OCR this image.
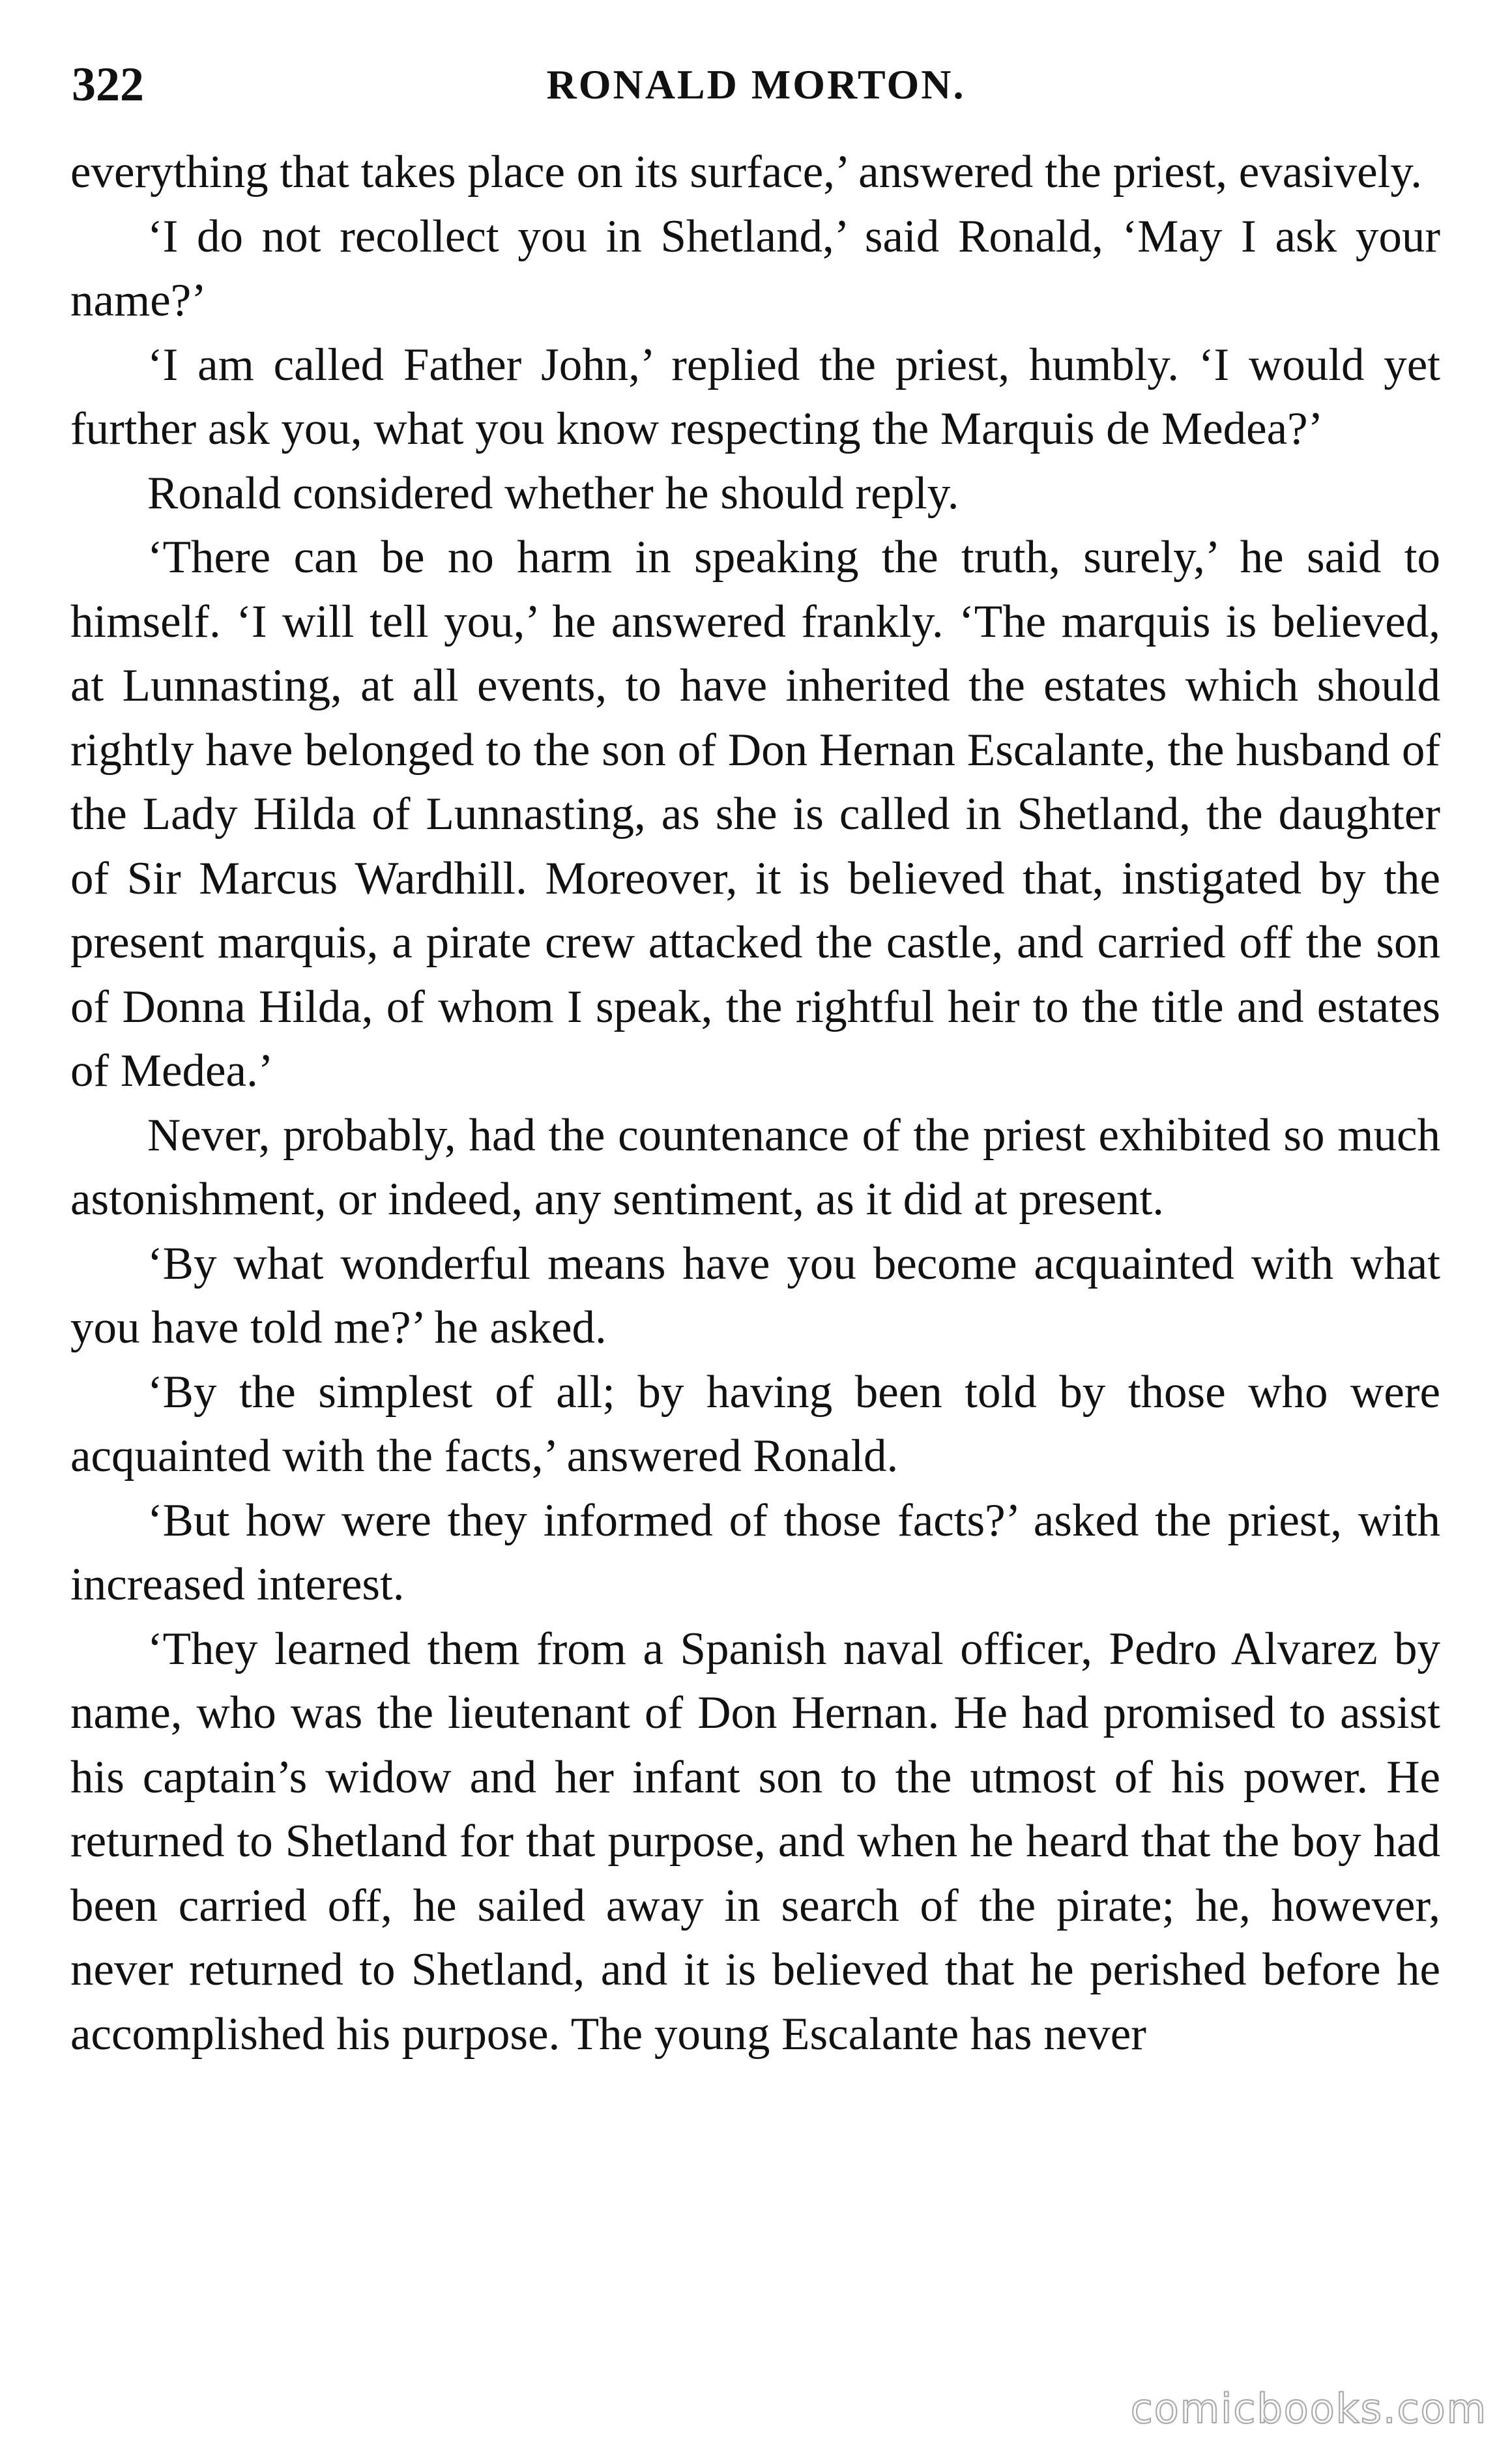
322	RONALD MORTON.

everything that takes place on its surface,’ answered the priest, evasively.

‘I do not recollect you in Shetland,’ said Ronald, ‘May I ask your name?’

‘I am called Father John,’ replied the priest, humbly. ‘I would yet further ask you, what you know respecting the Marquis de Medea?’

Ronald considered whether he should reply.

‘There can be no harm in speaking the truth, surely,’ he said to himself. ‘I will tell you,’ he answered frankly. ‘The marquis is believed, at Lunnasting, at all events, to have inherited the estates which should rightly have belonged to the son of Don Hernan Escalante, the husband of the Lady Hilda of Lunnasting, as she is called in Shetland, the daughter of Sir Marcus Wardhill. Moreover, it is believed that, instigated by the present marquis, a pirate crew attacked the castle, and carried off the son of Donna Hilda, of whom I speak, the rightful heir to the title and estates of Medea.’

Never, probably, had the countenance of the priest exhibited so much astonishment, or indeed, any sentiment, as it did at present.

‘By what wonderful means have you become acquainted with what you have told me?’ he asked.

‘By the simplest of all; by having been told by those who were acquainted with the facts,’ answered Ronald.

‘But how were they informed of those facts?’ asked the priest, with increased interest.

‘They learned them from a Spanish naval officer, Pedro Alvarez by name, who was the lieutenant of Don Hernan. He had promised to assist his captain’s widow and her infant son to the utmost of his power. He returned to Shetland for that purpose, and when he heard that the boy had been carried off, he sailed away in search of the pirate; he, however, never returned to Shetland, and it is believed that he perished before he accomplished his purpose. The young Escalante has never

comicbooks.com
